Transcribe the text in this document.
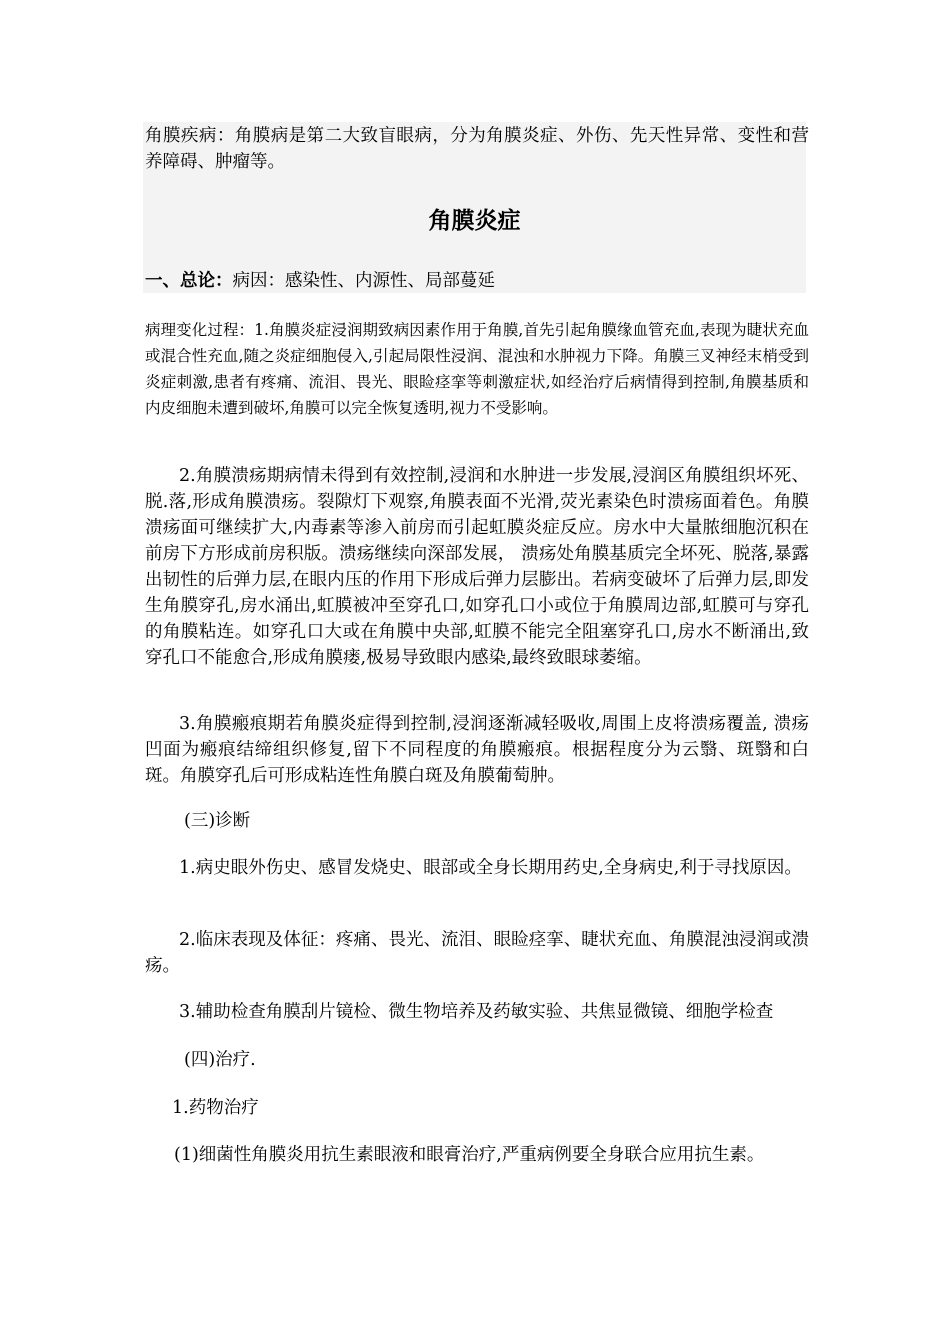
角膜疾病：角膜病是第二大致盲眼病，分为角膜炎症、外伤、先天性异常、变性和营养障碍、肿瘤等。

角膜炎症

一、总论：病因：感染性、内源性、局部蔓延

病理变化过程：1.角膜炎症浸润期致病因素作用于角膜,首先引起角膜缘血管充血,表现为睫状充血或混合性充血,随之炎症细胞侵入,引起局限性浸润、混浊和水肿视力下降。角膜三叉神经末梢受到炎症刺激,患者有疼痛、流泪、畏光、眼睑痉挛等刺激症状,如经治疗后病情得到控制,角膜基质和内皮细胞未遭到破坏,角膜可以完全恢复透明,视力不受影响。

2.角膜溃疡期病情未得到有效控制,浸润和水肿进一步发展,浸润区角膜组织坏死、脱.落,形成角膜溃疡。裂隙灯下观察,角膜表面不光滑,荧光素染色时溃疡面着色。角膜溃疡面可继续扩大,内毒素等渗入前房而引起虹膜炎症反应。房水中大量脓细胞沉积在前房下方形成前房积版。溃疡继续向深部发展， 溃疡处角膜基质完全坏死、脱落,暴露出韧性的后弹力层,在眼内压的作用下形成后弹力层膨出。若病变破坏了后弹力层,即发生角膜穿孔,房水涌出,虹膜被冲至穿孔口,如穿孔口小或位于角膜周边部,虹膜可与穿孔的角膜粘连。如穿孔口大或在角膜中央部,虹膜不能完全阻塞穿孔口,房水不断涌出,致穿孔口不能愈合,形成角膜瘘,极易导致眼内感染,最终致眼球萎缩。

3.角膜瘢痕期若角膜炎症得到控制,浸润逐渐减轻吸收,周围上皮将溃疡覆盖, 溃疡凹面为瘢痕结缔组织修复,留下不同程度的角膜瘢痕。根据程度分为云翳、斑翳和白斑。角膜穿孔后可形成粘连性角膜白斑及角膜葡萄肿。

(三)诊断

1.病史眼外伤史、感冒发烧史、眼部或全身长期用药史,全身病史,利于寻找原因。

2.临床表现及体征：疼痛、畏光、流泪、眼睑痉挛、睫状充血、角膜混浊浸润或溃疡。

3.辅助检查角膜刮片镜检、微生物培养及药敏实验、共焦显微镜、细胞学检查

(四)治疗.

1.药物治疗

(1)细菌性角膜炎用抗生素眼液和眼膏治疗,严重病例要全身联合应用抗生素。
